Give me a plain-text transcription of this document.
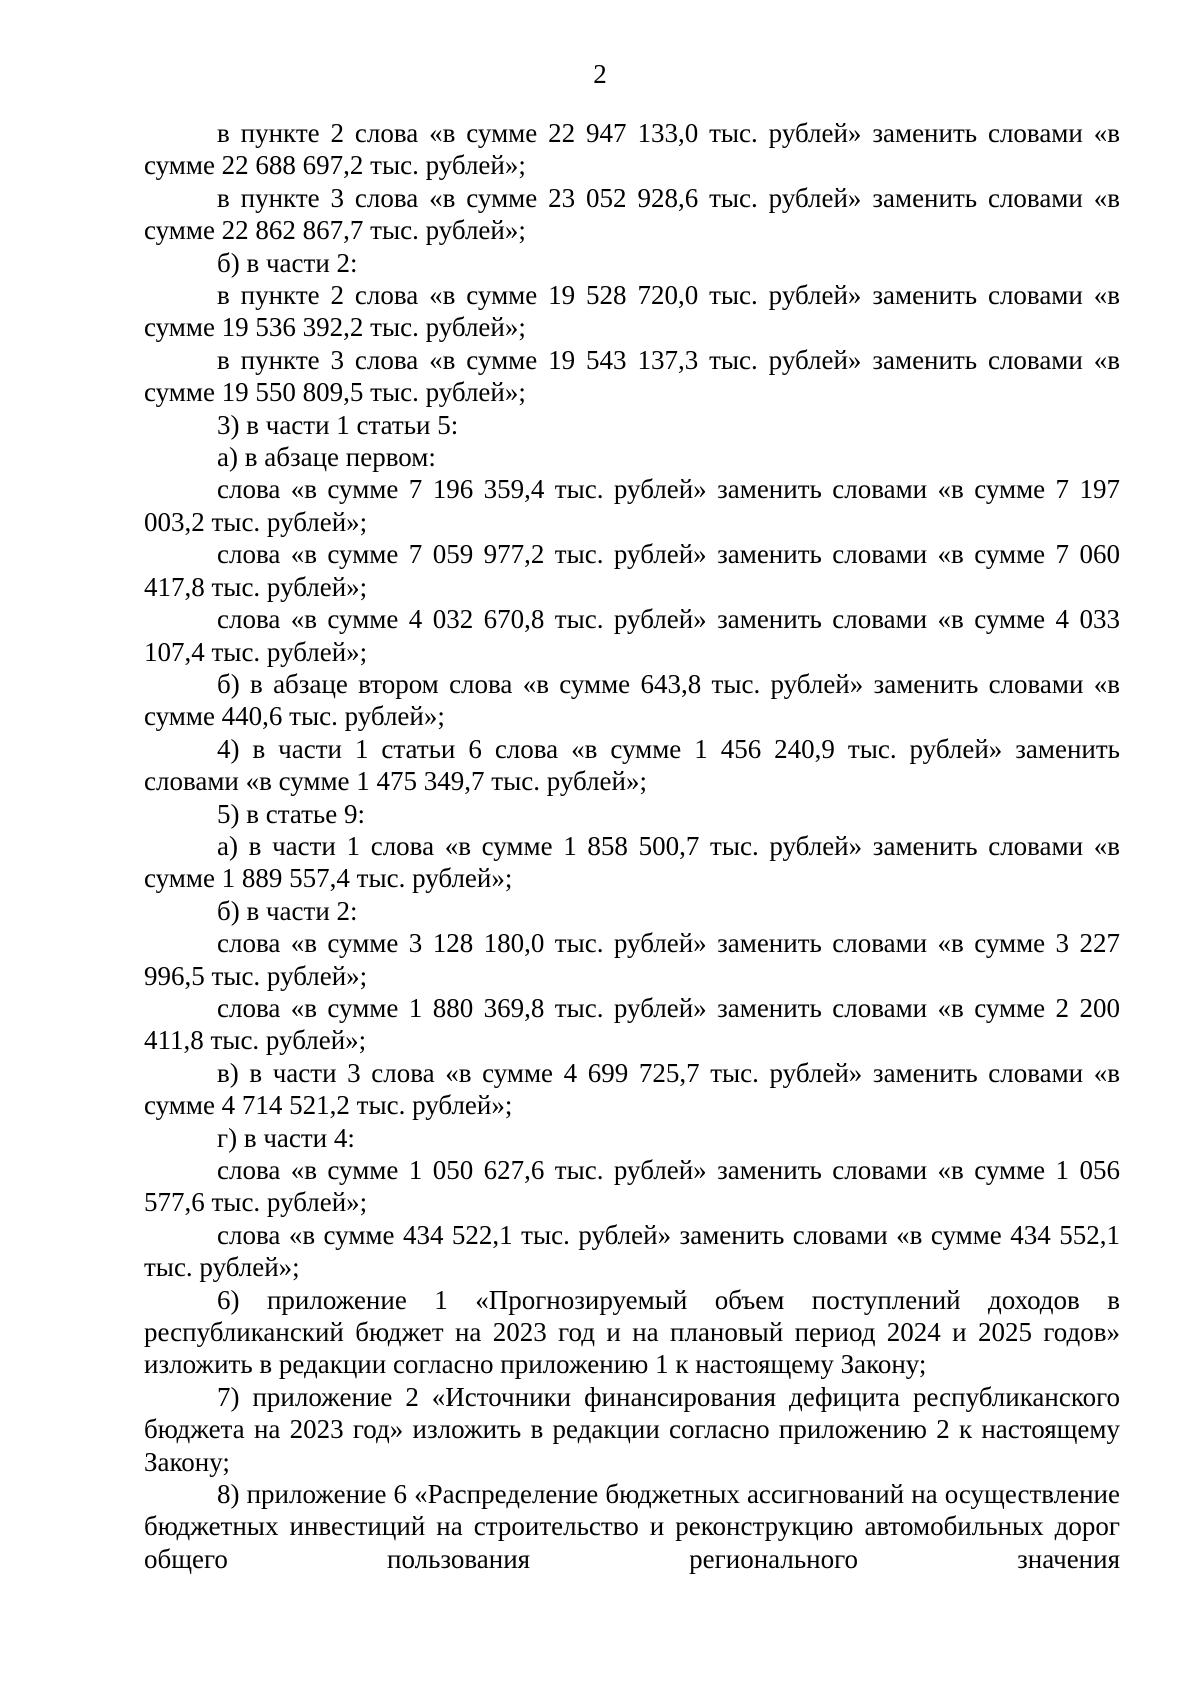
2

в пункте 2 слова «в сумме 22 947 133,0 тыс. рублей» заменить словами «в сумме 22 688 697,2 тыс. рублей»;

в пункте 3 слова «в сумме 23 052 928,6 тыс. рублей» заменить словами «в сумме 22 862 867,7 тыс. рублей»;

б) в части 2:

в пункте 2 слова «в сумме 19 528 720,0 тыс. рублей» заменить словами «в сумме 19 536 392,2 тыс. рублей»;

в пункте 3 слова «в сумме 19 543 137,3 тыс. рублей» заменить словами «в сумме 19 550 809,5 тыс. рублей»;

3) в части 1 статьи 5:

а) в абзаце первом:

слова «в сумме 7 196 359,4 тыс. рублей» заменить словами «в сумме 7 197 003,2 тыс. рублей»;

слова «в сумме 7 059 977,2 тыс. рублей» заменить словами «в сумме 7 060 417,8 тыс. рублей»;

слова «в сумме 4 032 670,8 тыс. рублей» заменить словами «в сумме 4 033 107,4 тыс. рублей»;

б) в абзаце втором слова «в сумме 643,8 тыс. рублей» заменить словами «в сумме 440,6 тыс. рублей»;

4) в части 1 статьи 6 слова «в сумме 1 456 240,9 тыс. рублей» заменить словами «в сумме 1 475 349,7 тыс. рублей»;

5) в статье 9:

а) в части 1 слова «в сумме 1 858 500,7 тыс. рублей» заменить словами «в сумме 1 889 557,4 тыс. рублей»;

б) в части 2:

слова «в сумме 3 128 180,0 тыс. рублей» заменить словами «в сумме 3 227 996,5 тыс. рублей»;

слова «в сумме 1 880 369,8 тыс. рублей» заменить словами «в сумме 2 200 411,8 тыс. рублей»;

в) в части 3 слова «в сумме 4 699 725,7 тыс. рублей» заменить словами «в сумме 4 714 521,2 тыс. рублей»;

г) в части 4:

слова «в сумме 1 050 627,6 тыс. рублей» заменить словами «в сумме 1 056 577,6 тыс. рублей»;

слова «в сумме 434 522,1 тыс. рублей» заменить словами «в сумме 434 552,1 тыс. рублей»;

6) приложение 1 «Прогнозируемый объем поступлений доходов в республиканский бюджет на 2023 год и на плановый период 2024 и 2025 годов» изложить в редакции согласно приложению 1 к настоящему Закону;

7) приложение 2 «Источники финансирования дефицита республиканского бюджета на 2023 год» изложить в редакции согласно приложению 2 к настоящему Закону;

8) приложение 6 «Распределение бюджетных ассигнований на осуществление бюджетных инвестиций на строительство и реконструкцию автомобильных дорог общего пользования регионального значения
